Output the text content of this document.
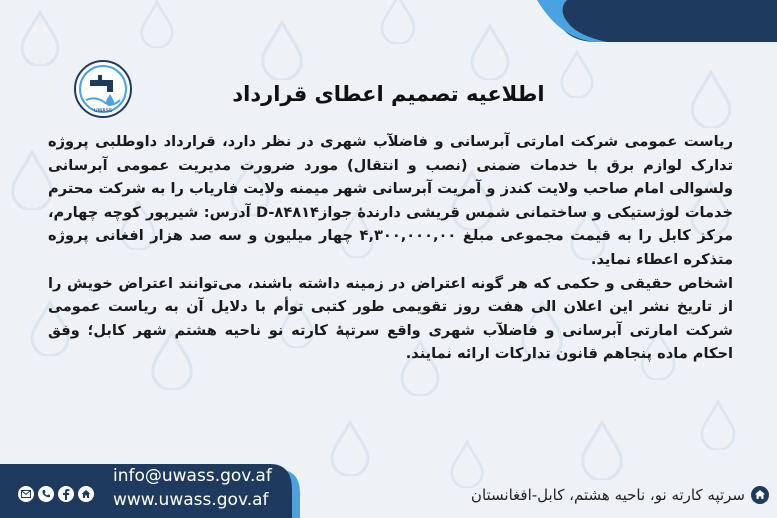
UWASS
اطلاعیه تصمیم اعطای قرارداد

ریاست عمومی شرکت امارتی آبرسانی و فاضلآب شهری در نظر دارد، قرارداد داوطلبی پروژه تدارک لوازم برق با خدمات ضمنی (نصب و انتقال) مورد ضرورت مدیریت عمومی آبرسانی ولسوالی امام صاحب ولایت کندز و آمریت آبرسانی شهر میمنه ولایت فاریاب را به شرکت محترم خدمات لوژستیکی و ساختمانی شمس قریشی دارندهٔ جوازD-۸۴۸۱۴ آدرس: شیرپور کوچه چهارم، مرکز کابل را به قیمت مجموعی مبلغ ۴,۳۰۰,۰۰۰,۰۰ چهار میلیون و سه صد هزار افغانی پروژه متذکره اعطاء نماید.

اشخاص حقیقی و حکمی که هر گونه اعتراض در زمینه داشته باشند، می‌توانند اعتراض خویش را از تاریخ نشر این اعلان الی هفت روز تقویمی طور کتبی توأم با دلایل آن به ریاست عمومی شرکت امارتی آبرسانی و فاضلآب شهری واقع سرتپهٔ کارته نو ناحیه هشتم شهر کابل؛ وفق احکام ماده پنجاهم قانون تدارکات ارائه نمایند.

info@uwass.gov.af
www.uwass.gov.af	سرتپه کارته نو، ناحیه هشتم، کابل-افغانستان
